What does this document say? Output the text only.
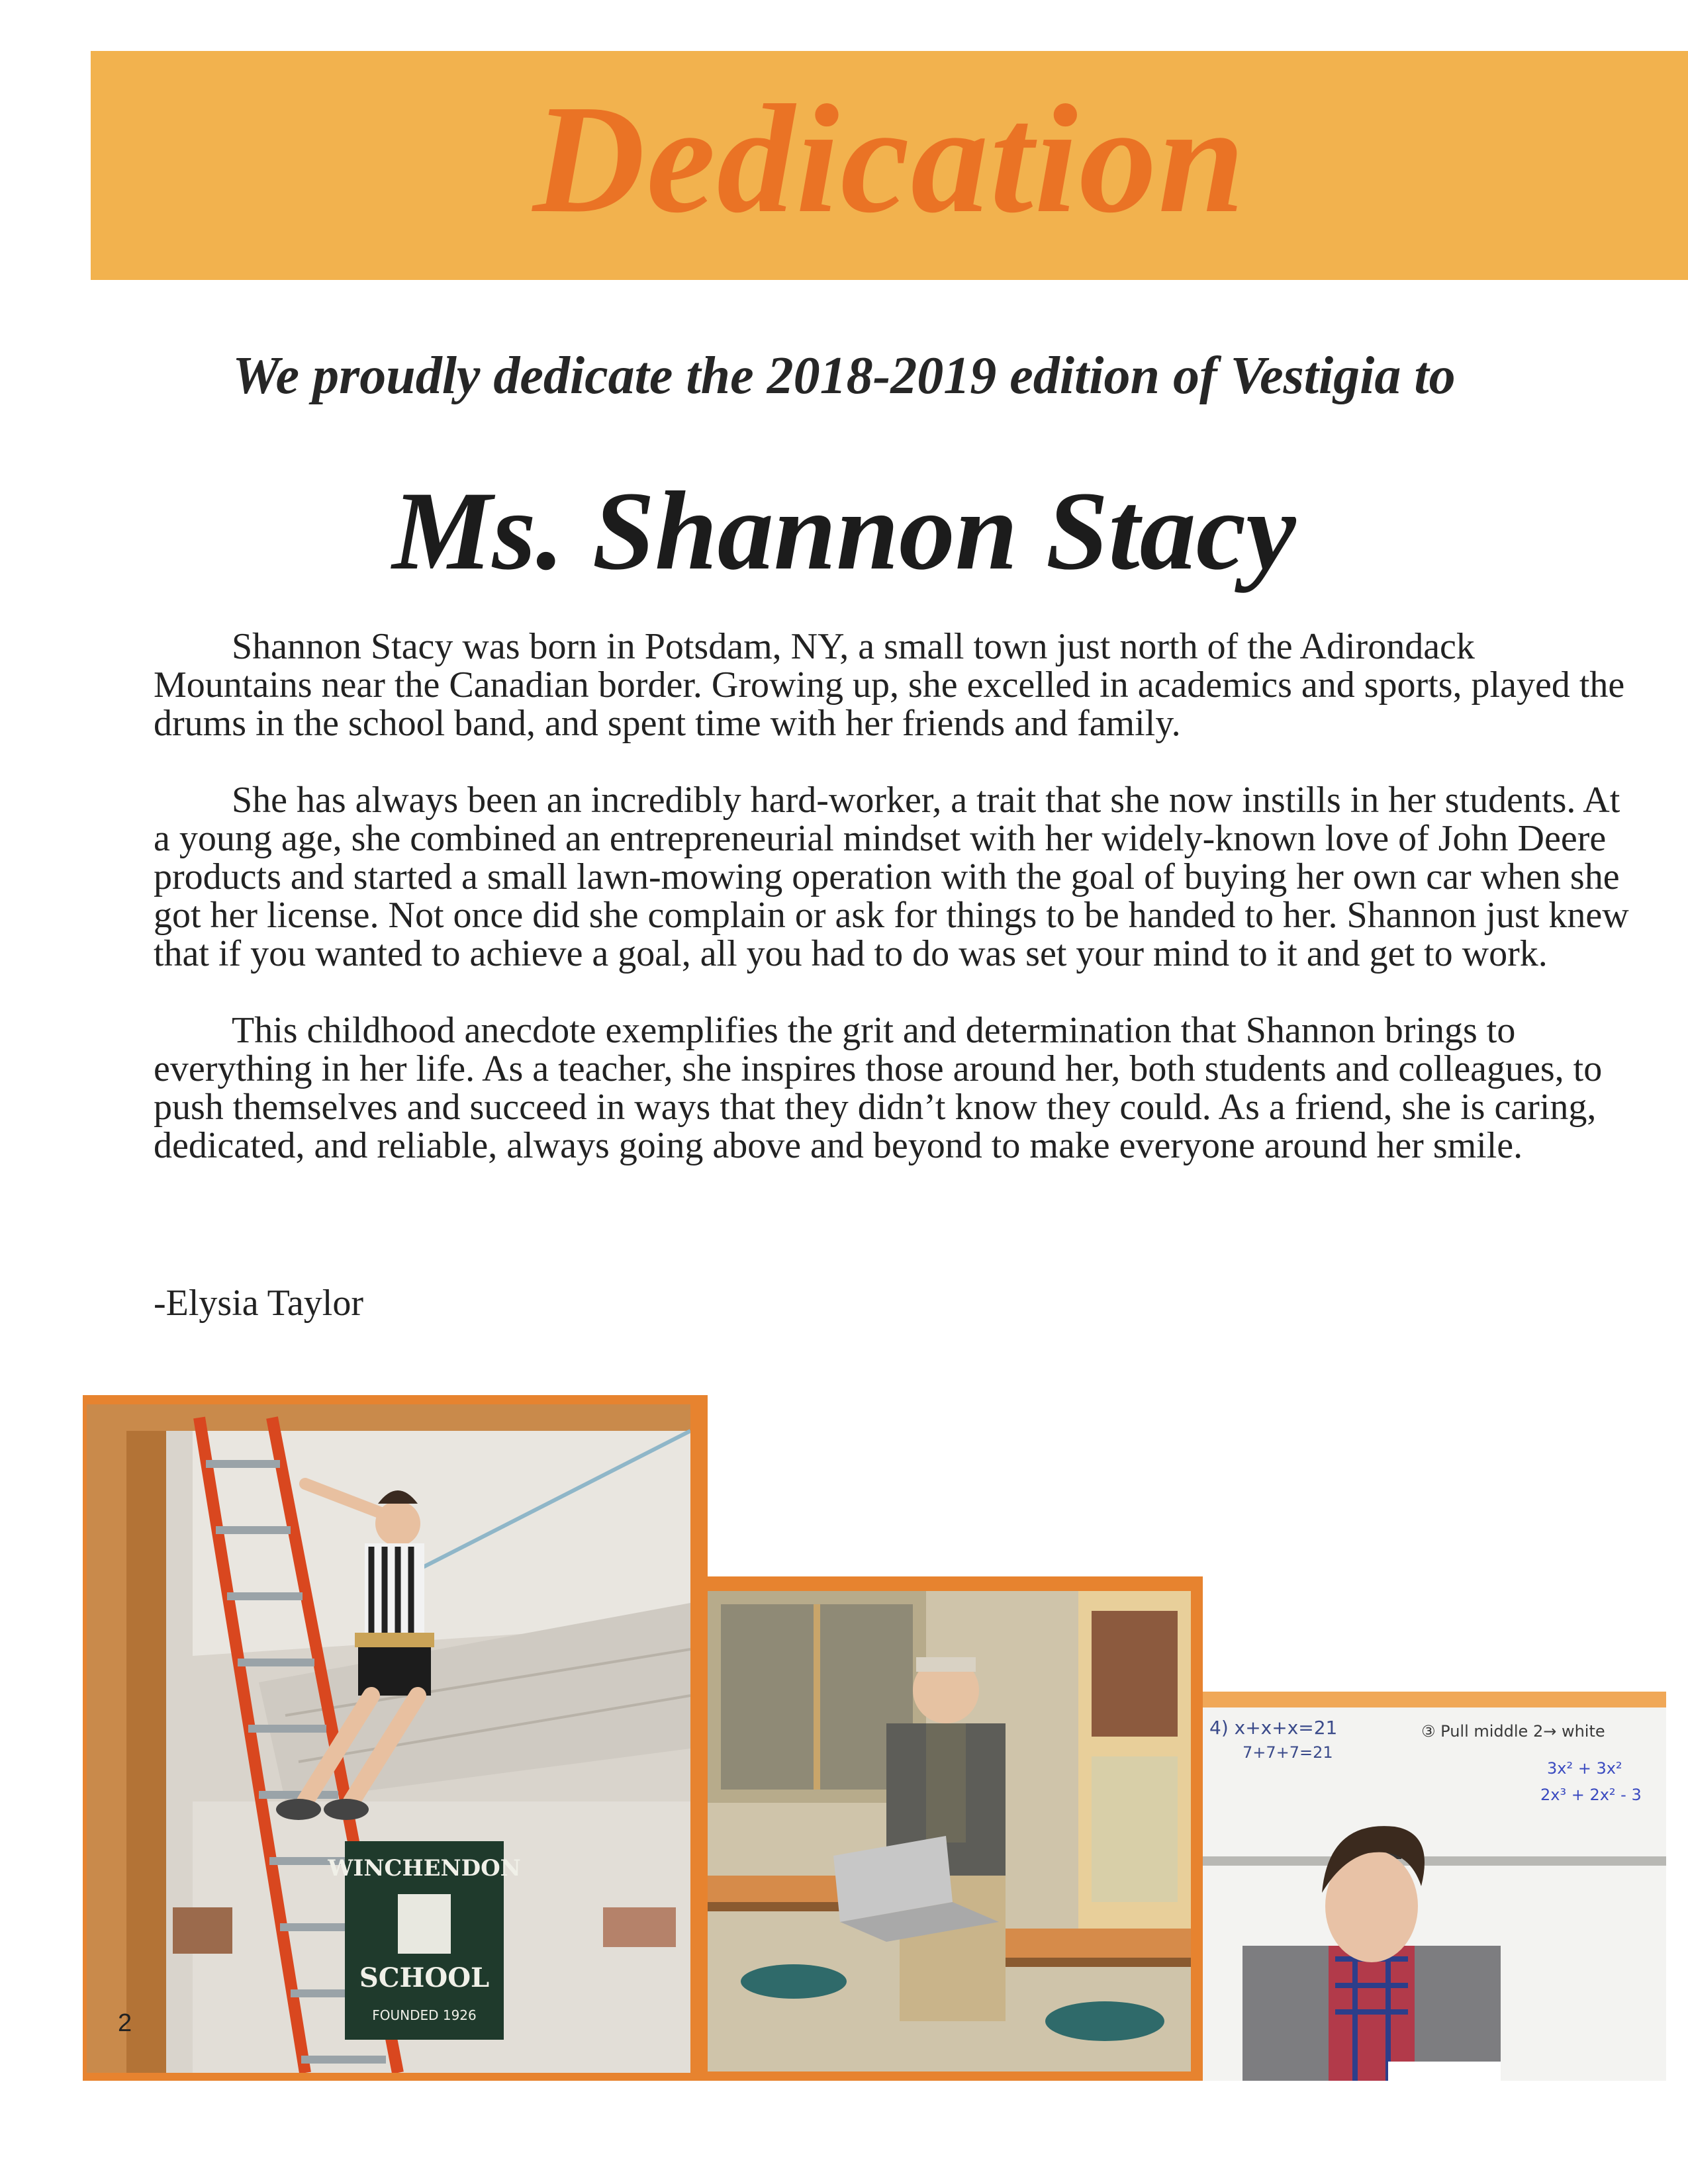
Dedication
We proudly dedicate the 2018-2019 edition of Vestigia to
Ms. Shannon Stacy

Shannon Stacy was born in Potsdam, NY, a small town just north of the Adirondack Mountains near the Canadian border. Growing up, she excelled in academics and sports, played the drums in the school band, and spent time with her friends and family.

She has always been an incredibly hard-worker, a trait that she now instills in her students. At a young age, she combined an entrepreneurial mindset with her widely-known love of John Deere products and started a small lawn-mowing operation with the goal of buying her own car when she got her license. Not once did she complain or ask for things to be handed to her. Shannon just knew that if you wanted to achieve a goal, all you had to do was set your mind to it and get to work.

This childhood anecdote exemplifies the grit and determination that Shannon brings to everything in her life. As a teacher, she inspires those around her, both students and colleagues, to push themselves and succeed in ways that they didn’t know they could. As a friend, she is caring, dedicated, and reliable, always going above and beyond to make everyone around her smile.

-Elysia Taylor
WINCHENDON
SCHOOL
FOUNDED 1926
4) x+x+x=21
7+7+7=21
③ Pull middle 2→ white
3x² + 3x²
2x³ + 2x² - 3
2
